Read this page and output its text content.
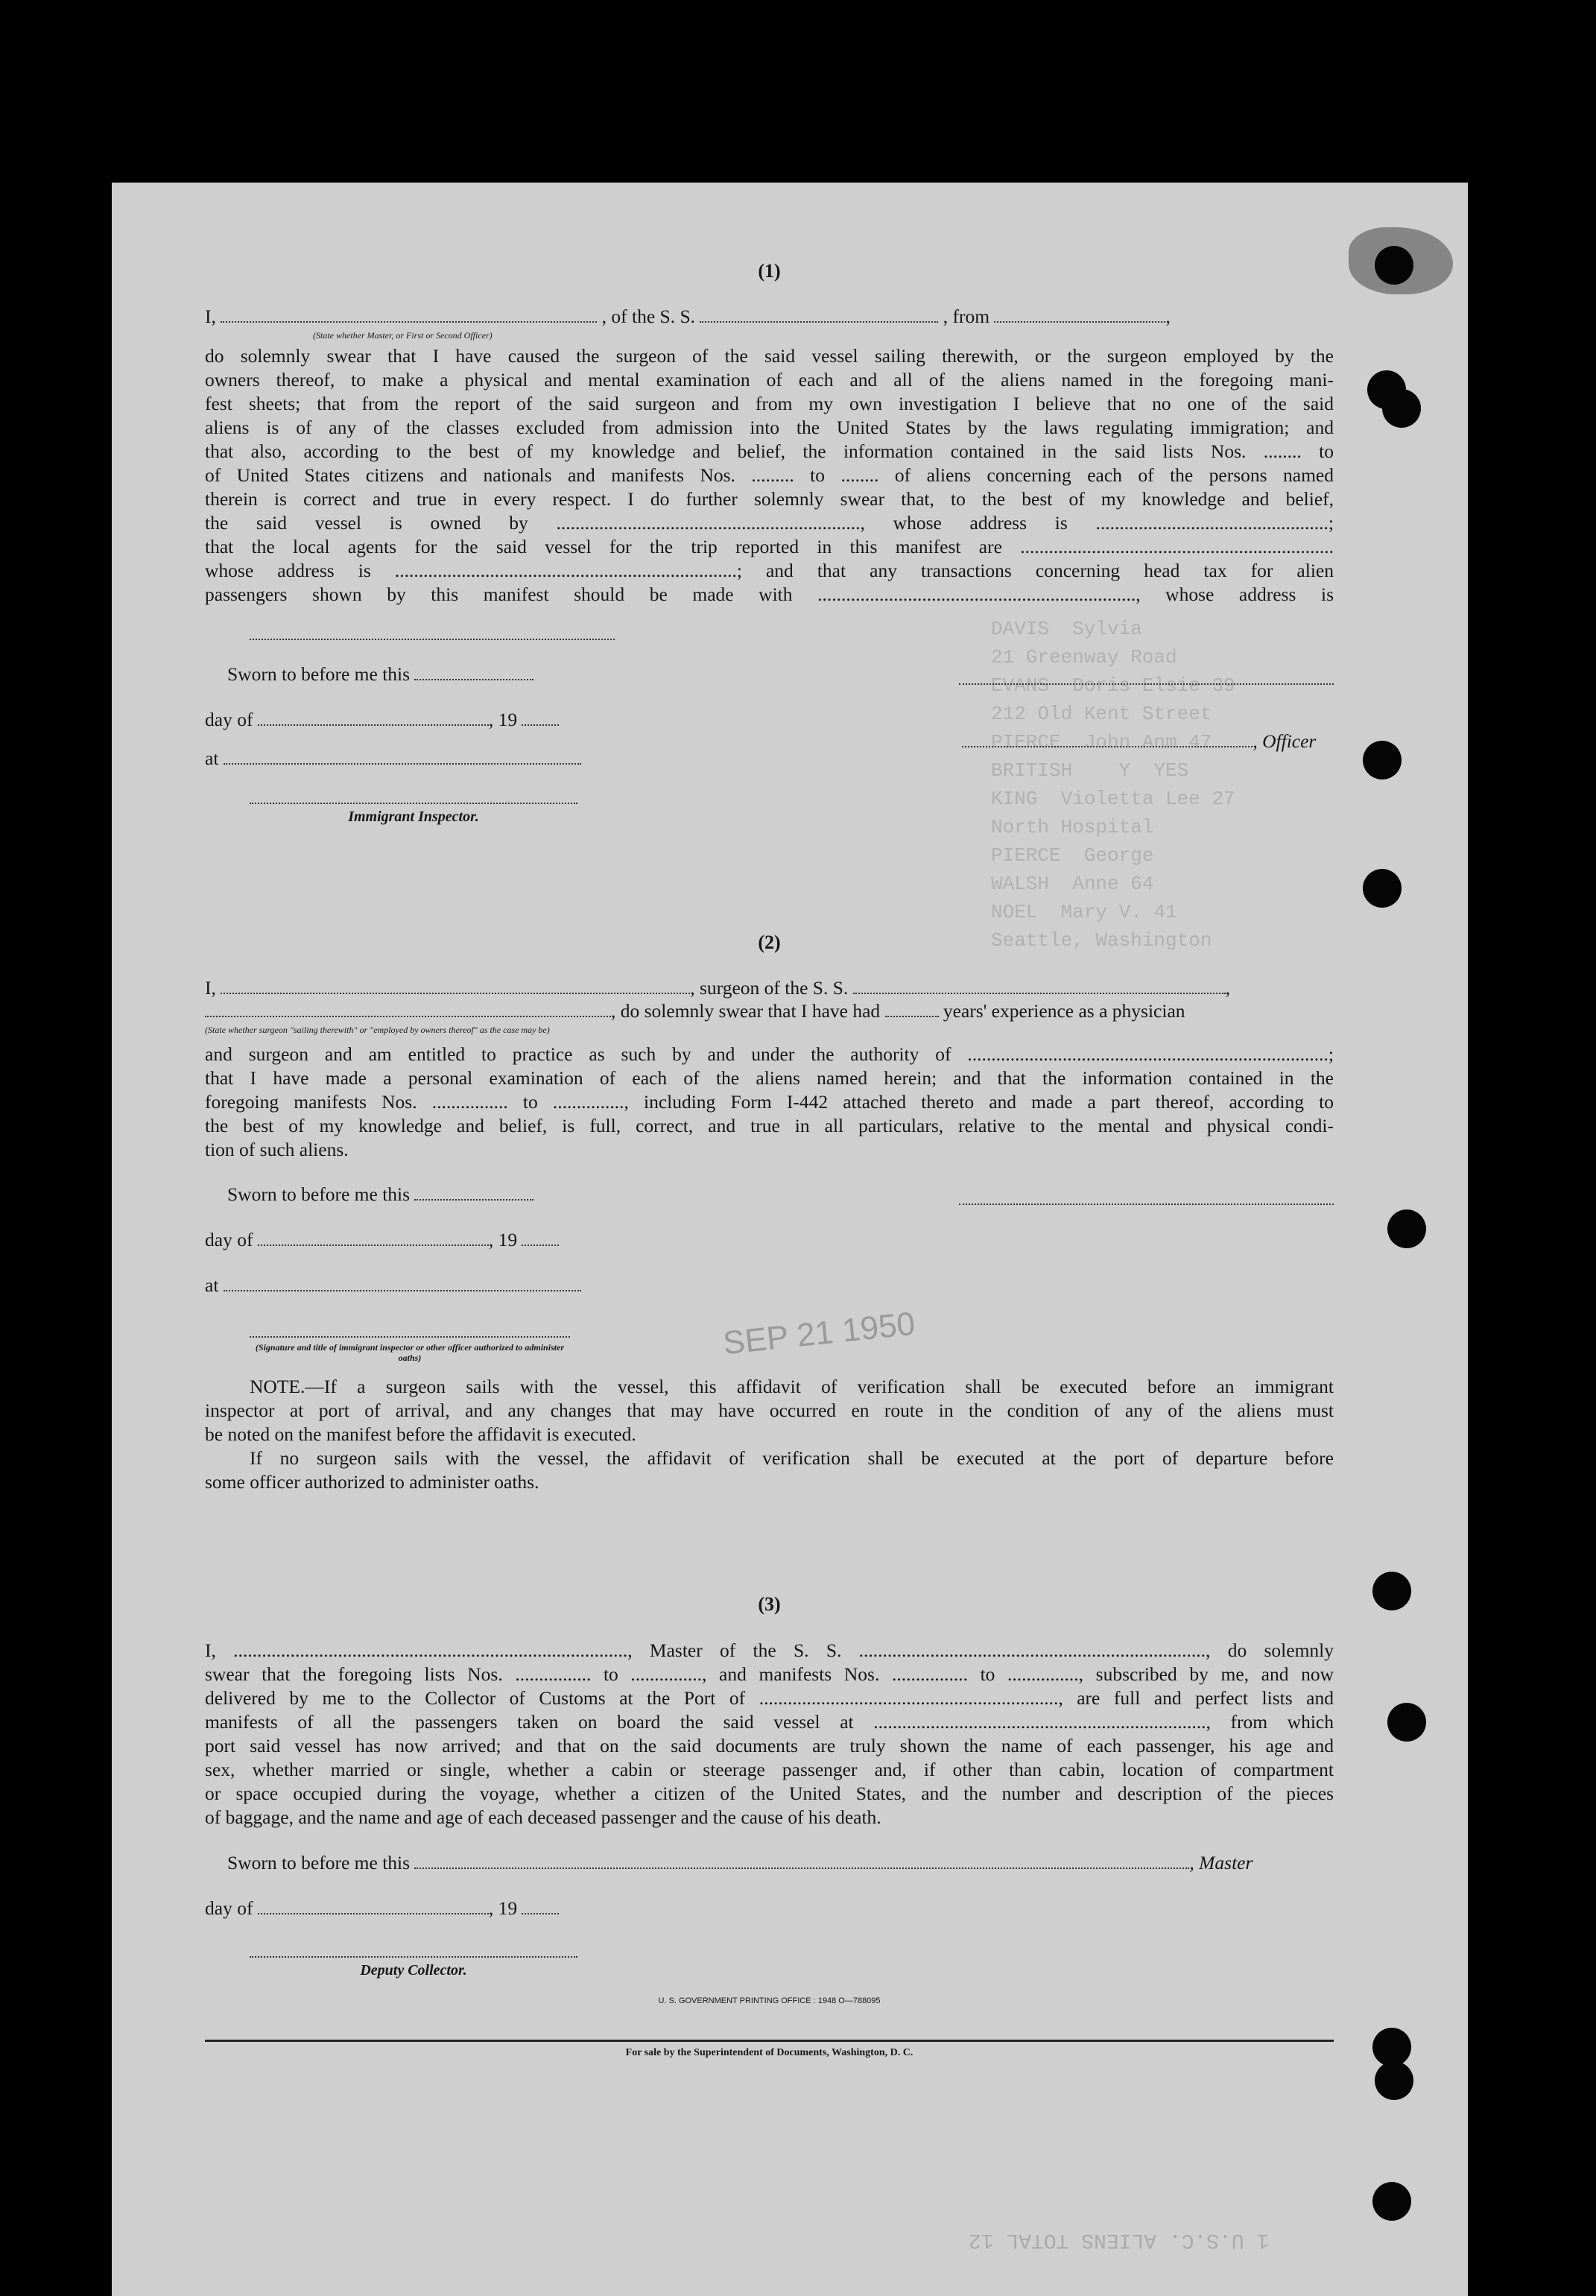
DAVIS  Sylvia
21 Greenway Road
EVANS  Doris Elsie 39
212 Old Kent Street
PIERCE  John Anm 47
BRITISH    Y  YES
KING  Violetta Lee 27
North Hospital
PIERCE  George
WALSH  Anne 64
NOEL  Mary V. 41
Seattle, Washington
SEP 21 1950
(1)
I,	, of the S. S.	, from	,
(State whether Master, or First or Second Officer)
do solemnly swear that I have caused the surgeon of the said vessel sailing therewith, or the surgeon employed by the
owners thereof, to make a physical and mental examination of each and all of the aliens named in the foregoing mani-
fest sheets; that from the report of the said surgeon and from my own investigation I believe that no one of the said
aliens is of any of the classes excluded from admission into the United States by the laws regulating immigration; and
that also, according to the best of my knowledge and belief, the information contained in the said lists Nos. ........ to
of United States citizens and nationals and manifests Nos. ......... to ........ of aliens concerning each of the persons named
therein is correct and true in every respect. I do further solemnly swear that, to the best of my knowledge and belief,
the said vessel is owned by ................................................................, whose address is .................................................;
that the local agents for the said vessel for the trip reported in this manifest are ..................................................................
whose address is ........................................................................; and that any transactions concerning head tax for alien
passengers shown by this manifest should be made with ..................................................................., whose address is
Sworn to before me this
day of	, 19
, Officer
at
Immigrant Inspector.
(2)
I,	, surgeon of the S. S.	,
, do solemnly swear that I have had	years' experience as a physician
(State whether surgeon "sailing therewith" or "employed by owners thereof" as the case may be)
and surgeon and am entitled to practice as such by and under the authority of ............................................................................;
that I have made a personal examination of each of the aliens named herein; and that the information contained in the
foregoing manifests Nos. ................ to ..............., including Form I-442 attached thereto and made a part thereof, according to
the best of my knowledge and belief, is full, correct, and true in all particulars, relative to the mental and physical condi-
tion of such aliens.
Sworn to before me this
day of	, 19
at
(Signature and title of immigrant inspector or other officer authorized to administer oaths)
NOTE.—If a surgeon sails with the vessel, this affidavit of verification shall be executed before an immigrant
inspector at port of arrival, and any changes that may have occurred en route in the condition of any of the aliens must
be noted on the manifest before the affidavit is executed.
If no surgeon sails with the vessel, the affidavit of verification shall be executed at the port of departure before
some officer authorized to administer oaths.
(3)
I, ..................................................................................., Master of the S. S. ........................................................................., do solemnly
swear that the foregoing lists Nos. ................ to ..............., and manifests Nos. ................ to ..............., subscribed by me, and now
delivered by me to the Collector of Customs at the Port of ..............................................................., are full and perfect lists and
manifests of all the passengers taken on board the said vessel at ......................................................................, from which
port said vessel has now arrived; and that on the said documents are truly shown the name of each passenger, his age and
sex, whether married or single, whether a cabin or steerage passenger and, if other than cabin, location of compartment
or space occupied during the voyage, whether a citizen of the United States, and the number and description of the pieces
of baggage, and the name and age of each deceased passenger and the cause of his death.
Sworn to before me this	, Master
day of	, 19
Deputy Collector.
U. S. GOVERNMENT PRINTING OFFICE : 1948 O—788095
For sale by the Superintendent of Documents, Washington, D. C.
1 U.S.C. ALIENS TOTAL 12
